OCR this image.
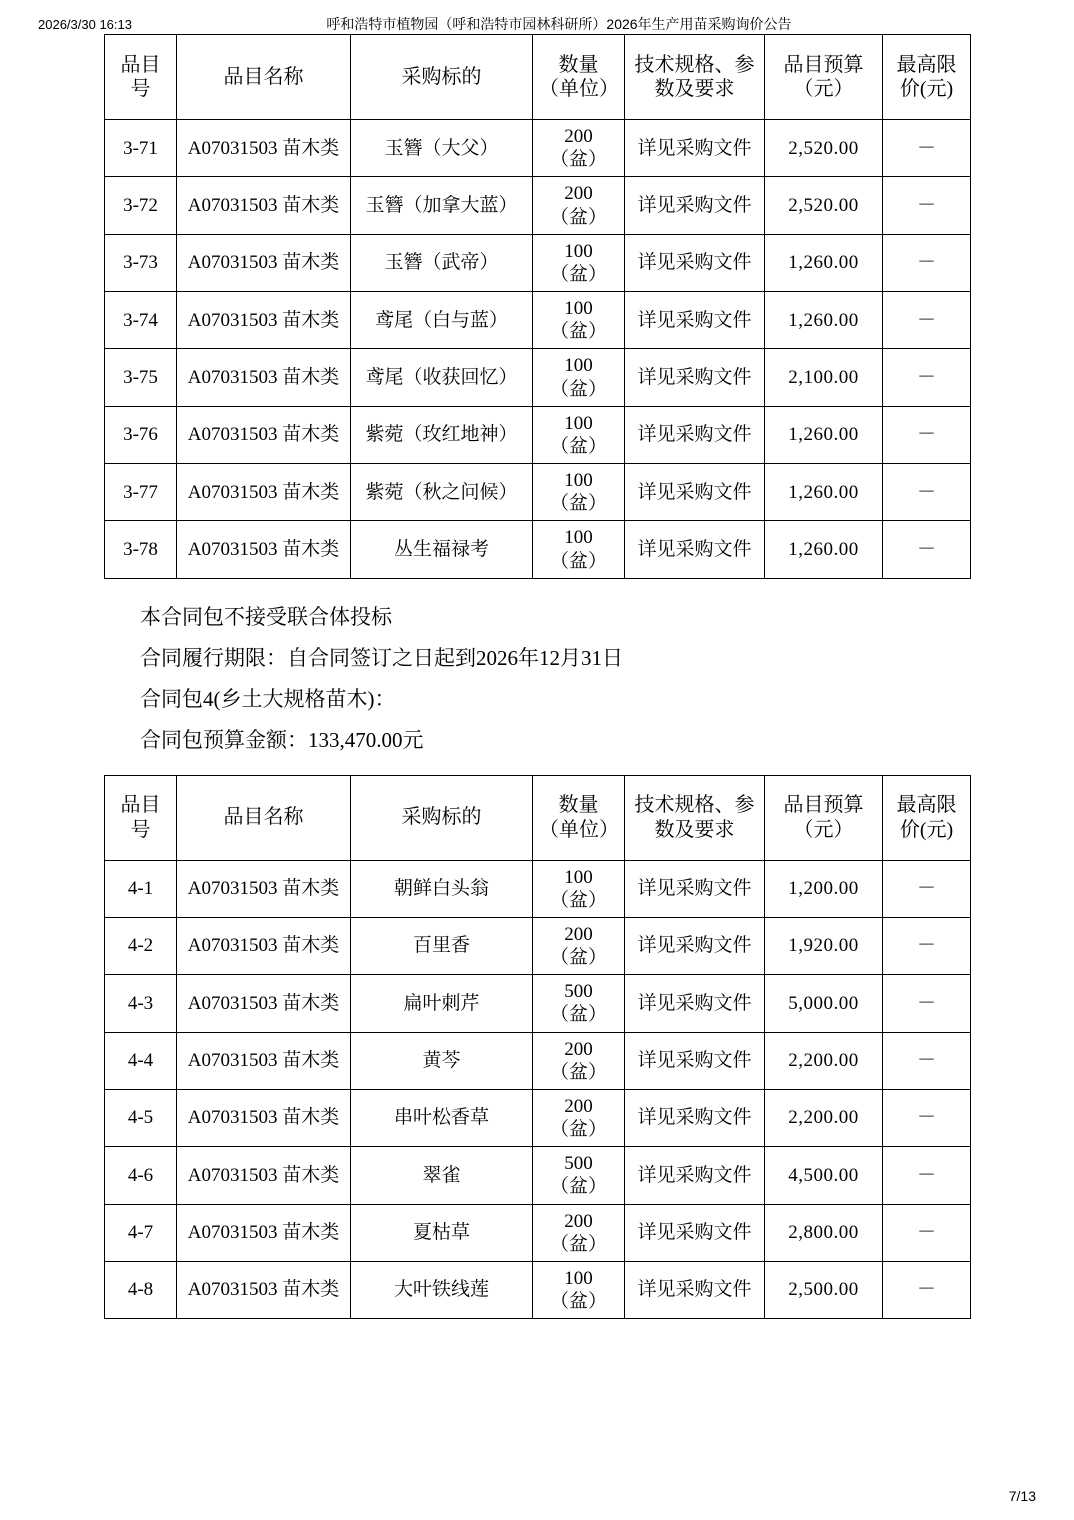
2026/3/30 16:13	呼和浩特市植物园（呼和浩特市园林科研所）2026年生产用苗采购询价公告
品目号	品目名称	采购标的	数量（单位）	技术规格、参数及要求	品目预算（元）	最高限价(元)
3-71	A07031503 苗木类	玉簪（大父）	200
（盆）	详见采购文件	2,520.00	－
3-72	A07031503 苗木类	玉簪（加拿大蓝）	200
（盆）	详见采购文件	2,520.00	－
3-73	A07031503 苗木类	玉簪（武帝）	100
（盆）	详见采购文件	1,260.00	－
3-74	A07031503 苗木类	鸢尾（白与蓝）	100
（盆）	详见采购文件	1,260.00	－
3-75	A07031503 苗木类	鸢尾（收获回忆）	100
（盆）	详见采购文件	2,100.00	－
3-76	A07031503 苗木类	紫菀（玫红地神）	100
（盆）	详见采购文件	1,260.00	－
3-77	A07031503 苗木类	紫菀（秋之问候）	100
（盆）	详见采购文件	1,260.00	－
3-78	A07031503 苗木类	丛生福禄考	100
（盆）	详见采购文件	1,260.00	－
本合同包不接受联合体投标
合同履行期限：自合同签订之日起到2026年12月31日
合同包4(乡土大规格苗木)：
合同包预算金额：133,470.00元
品目号	品目名称	采购标的	数量（单位）	技术规格、参数及要求	品目预算（元）	最高限价(元)
4-1	A07031503 苗木类	朝鲜白头翁	100
（盆）	详见采购文件	1,200.00	－
4-2	A07031503 苗木类	百里香	200
（盆）	详见采购文件	1,920.00	－
4-3	A07031503 苗木类	扁叶刺芹	500
（盆）	详见采购文件	5,000.00	－
4-4	A07031503 苗木类	黄芩	200
（盆）	详见采购文件	2,200.00	－
4-5	A07031503 苗木类	串叶松香草	200
（盆）	详见采购文件	2,200.00	－
4-6	A07031503 苗木类	翠雀	500
（盆）	详见采购文件	4,500.00	－
4-7	A07031503 苗木类	夏枯草	200
（盆）	详见采购文件	2,800.00	－
4-8	A07031503 苗木类	大叶铁线莲	100
（盆）	详见采购文件	2,500.00	－
7/13
